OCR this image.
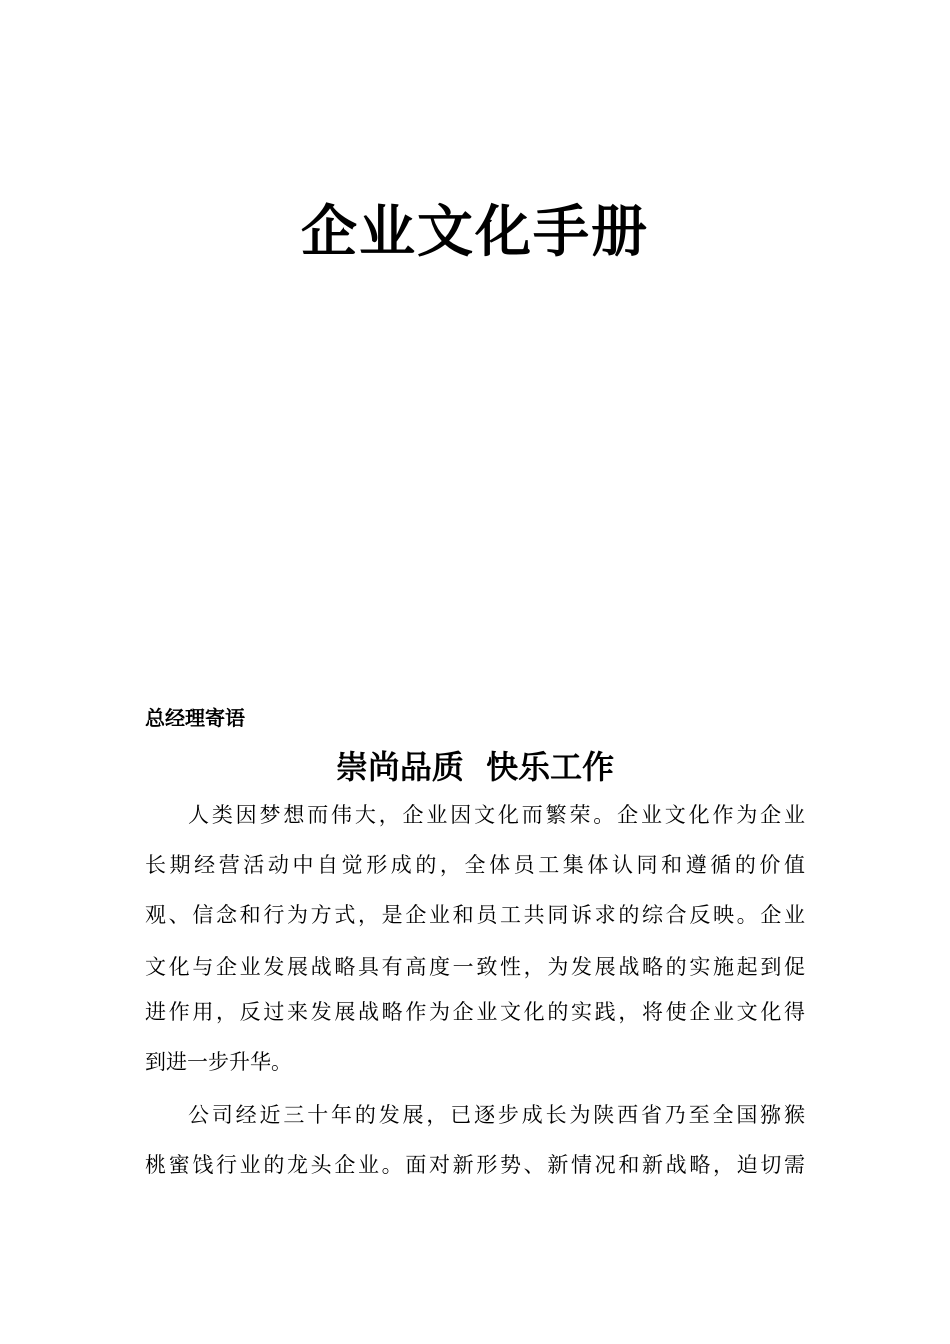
企业文化手册
总经理寄语
崇尚品质  快乐工作
人类因梦想而伟大，企业因文化而繁荣。企业文化作为企业
长期经营活动中自觉形成的，全体员工集体认同和遵循的价值
观、信念和行为方式，是企业和员工共同诉求的综合反映。企业
文化与企业发展战略具有高度一致性，为发展战略的实施起到促
进作用，反过来发展战略作为企业文化的实践，将使企业文化得
到进一步升华。
公司经近三十年的发展，已逐步成长为陕西省乃至全国猕猴
桃蜜饯行业的龙头企业。面对新形势、新情况和新战略，迫切需
